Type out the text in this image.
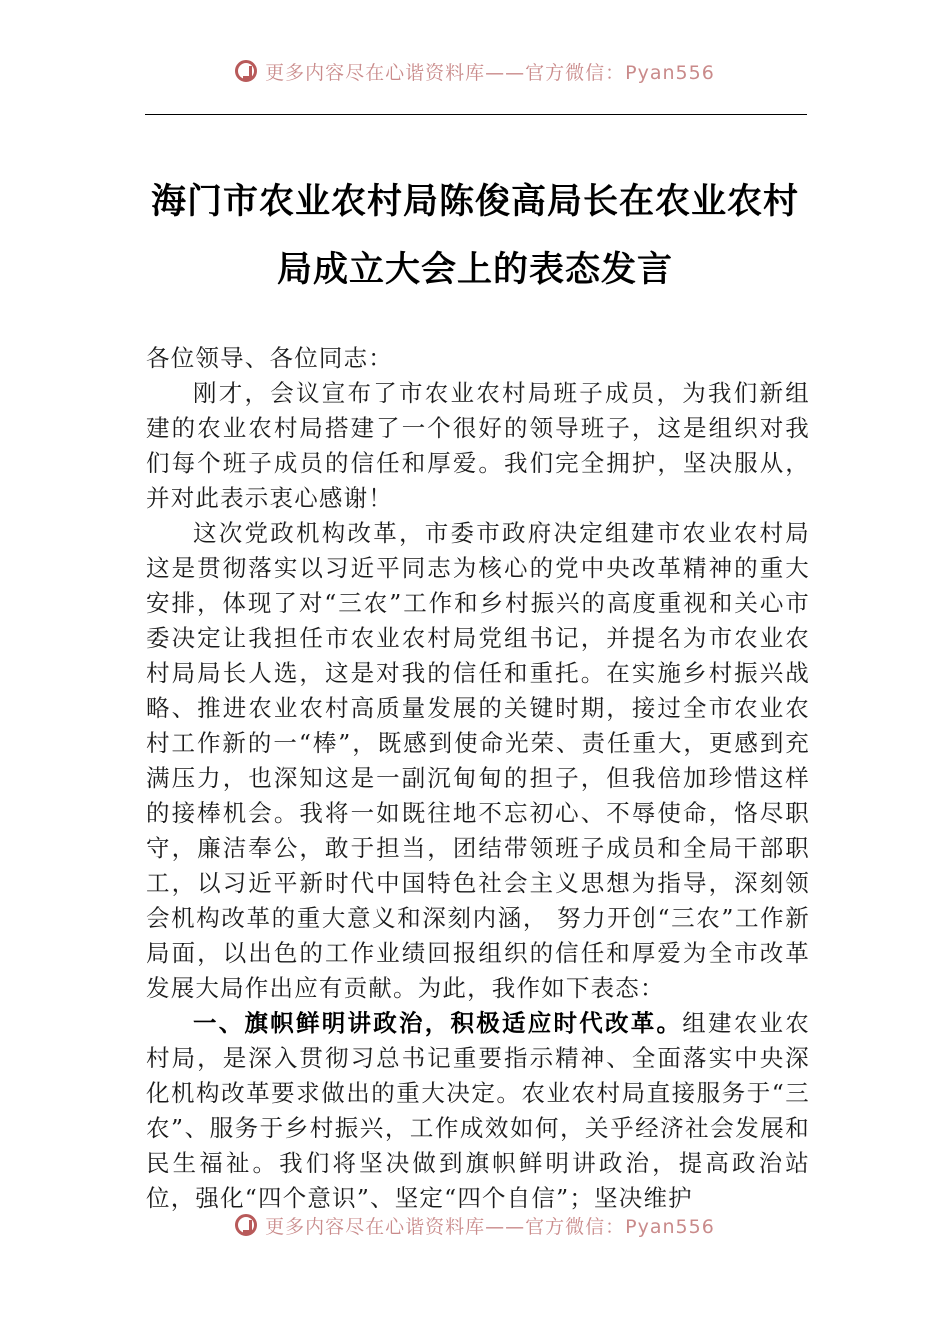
更多内容尽在心谐资料库——官方微信：Pyan556
海门市农业农村局陈俊高局长在农业农村
局成立大会上的表态发言

各位领导、各位同志：

刚才，会议宣布了市农业农村局班子成员，为我们新组建的农业农村局搭建了一个很好的领导班子，这是组织对我们每个班子成员的信任和厚爱。我们完全拥护，坚决服从，并对此表示衷心感谢！

这次党政机构改革，市委市政府决定组建市农业农村局这是贯彻落实以习近平同志为核心的党中央改革精神的重大安排，体现了对“三农”工作和乡村振兴的高度重视和关心市委决定让我担任市农业农村局党组书记，并提名为市农业农村局局长人选，这是对我的信任和重托。在实施乡村振兴战略、推进农业农村高质量发展的关键时期，接过全市农业农村工作新的一“棒”，既感到使命光荣、责任重大，更感到充满压力，也深知这是一副沉甸甸的担子，但我倍加珍惜这样的接棒机会。我将一如既往地不忘初心、不辱使命，恪尽职守，廉洁奉公，敢于担当，团结带领班子成员和全局干部职工，以习近平新时代中国特色社会主义思想为指导，深刻领会机构改革的重大意义和深刻内涵， 努力开创“三农”工作新局面，以出色的工作业绩回报组织的信任和厚爱为全市改革发展大局作出应有贡献。为此，我作如下表态：

一、旗帜鲜明讲政治，积极适应时代改革。组建农业农村局，是深入贯彻习总书记重要指示精神、全面落实中央深化机构改革要求做出的重大决定。农业农村局直接服务于“三农”、服务于乡村振兴，工作成效如何，关乎经济社会发展和民生福祉。我们将坚决做到旗帜鲜明讲政治，提高政治站位，强化“四个意识”、坚定“四个自信”；坚决维护

更多内容尽在心谐资料库——官方微信：Pyan556
